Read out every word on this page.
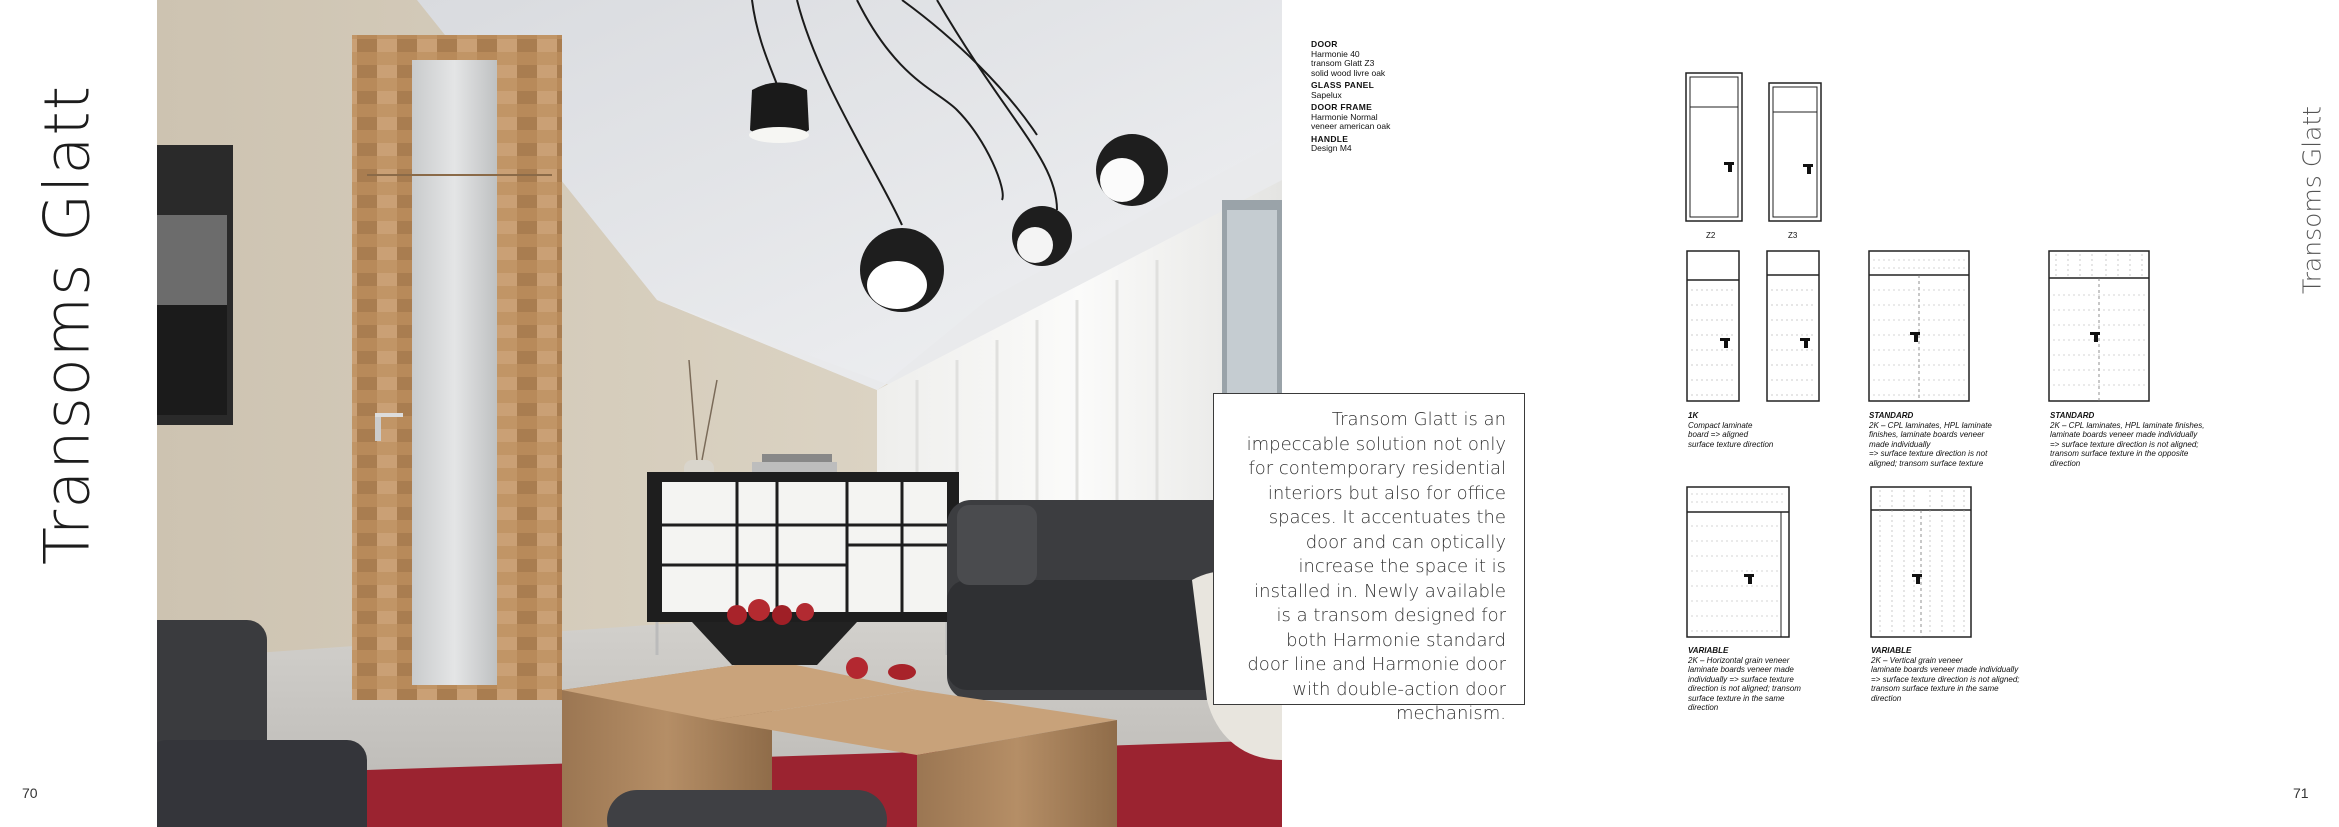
Transoms Glatt
70
DOOR
Harmonie 40
transom Glatt Z3
solid wood livre oak
GLASS PANEL
Sapelux
DOOR FRAME
Harmonie Normal
veneer american oak
HANDLE
Design M4

Transom Glatt is an impeccable solution not only for contemporary residential interiors but also for office spaces. It accentuates the door and can optically increase the space it is installed in. Newly available is a transom designed for both Harmonie standard door line and Harmonie door with double-action door mechanism.

Transoms Glatt
71
Z2	Z3
1K
Compact laminate
board => aligned
surface texture direction
STANDARD
2K – CPL laminates, HPL laminate
finishes, laminate boards veneer
made individually
=> surface texture direction is not
aligned; transom surface texture
STANDARD
2K – CPL laminates, HPL laminate finishes,
laminate boards veneer made individually
=> surface texture direction is not aligned;
transom surface texture in the opposite
direction
VARIABLE
2K – Horizontal grain veneer
laminate boards veneer made
individually => surface texture
direction is not aligned; transom
surface texture in the same
direction
VARIABLE
2K – Vertical grain veneer
laminate boards veneer made individually
=> surface texture direction is not aligned;
transom surface texture in the same
direction
